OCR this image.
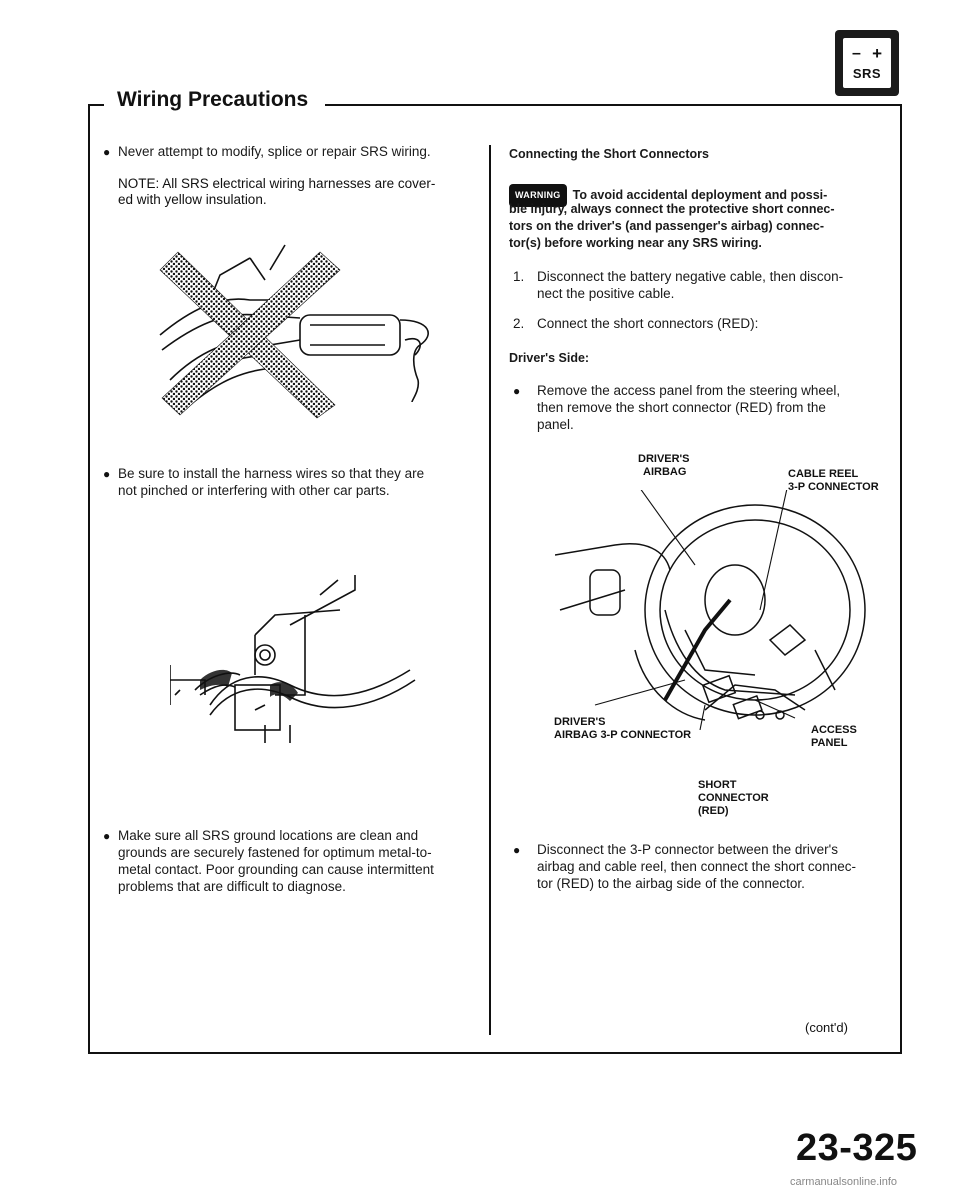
– +
SRS
Wiring Precautions
● Never attempt to modify, splice or repair SRS wiring.
NOTE: All SRS electrical wiring harnesses are cover-
ed with yellow insulation.
● Be sure to install the harness wires so that they are
not pinched or interfering with other car parts.
● Make sure all SRS ground locations are clean and
grounds are securely fastened for optimum metal-to-
metal contact. Poor grounding can cause intermittent
problems that are difficult to diagnose.
Connecting the Short Connectors
WARNING To avoid accidental deployment and possi-
ble injury, always connect the protective short connec-
tors on the driver's (and passenger's airbag) connec-
tor(s) before working near any SRS wiring.
1. Disconnect the battery negative cable, then discon-
nect the positive cable.
2. Connect the short connectors (RED):
Driver's Side:
● Remove the access panel from the steering wheel,
then remove the short connector (RED) from the
panel.
DRIVER'S
AIRBAG	CABLE REEL
3-P CONNECTOR
DRIVER'S
AIRBAG 3-P CONNECTOR	ACCESS
PANEL
SHORT
CONNECTOR
(RED)
● Disconnect the 3-P connector between the driver's
airbag and cable reel, then connect the short connec-
tor (RED) to the airbag side of the connector.
(cont'd)
23-325
carmanualsonline.info
